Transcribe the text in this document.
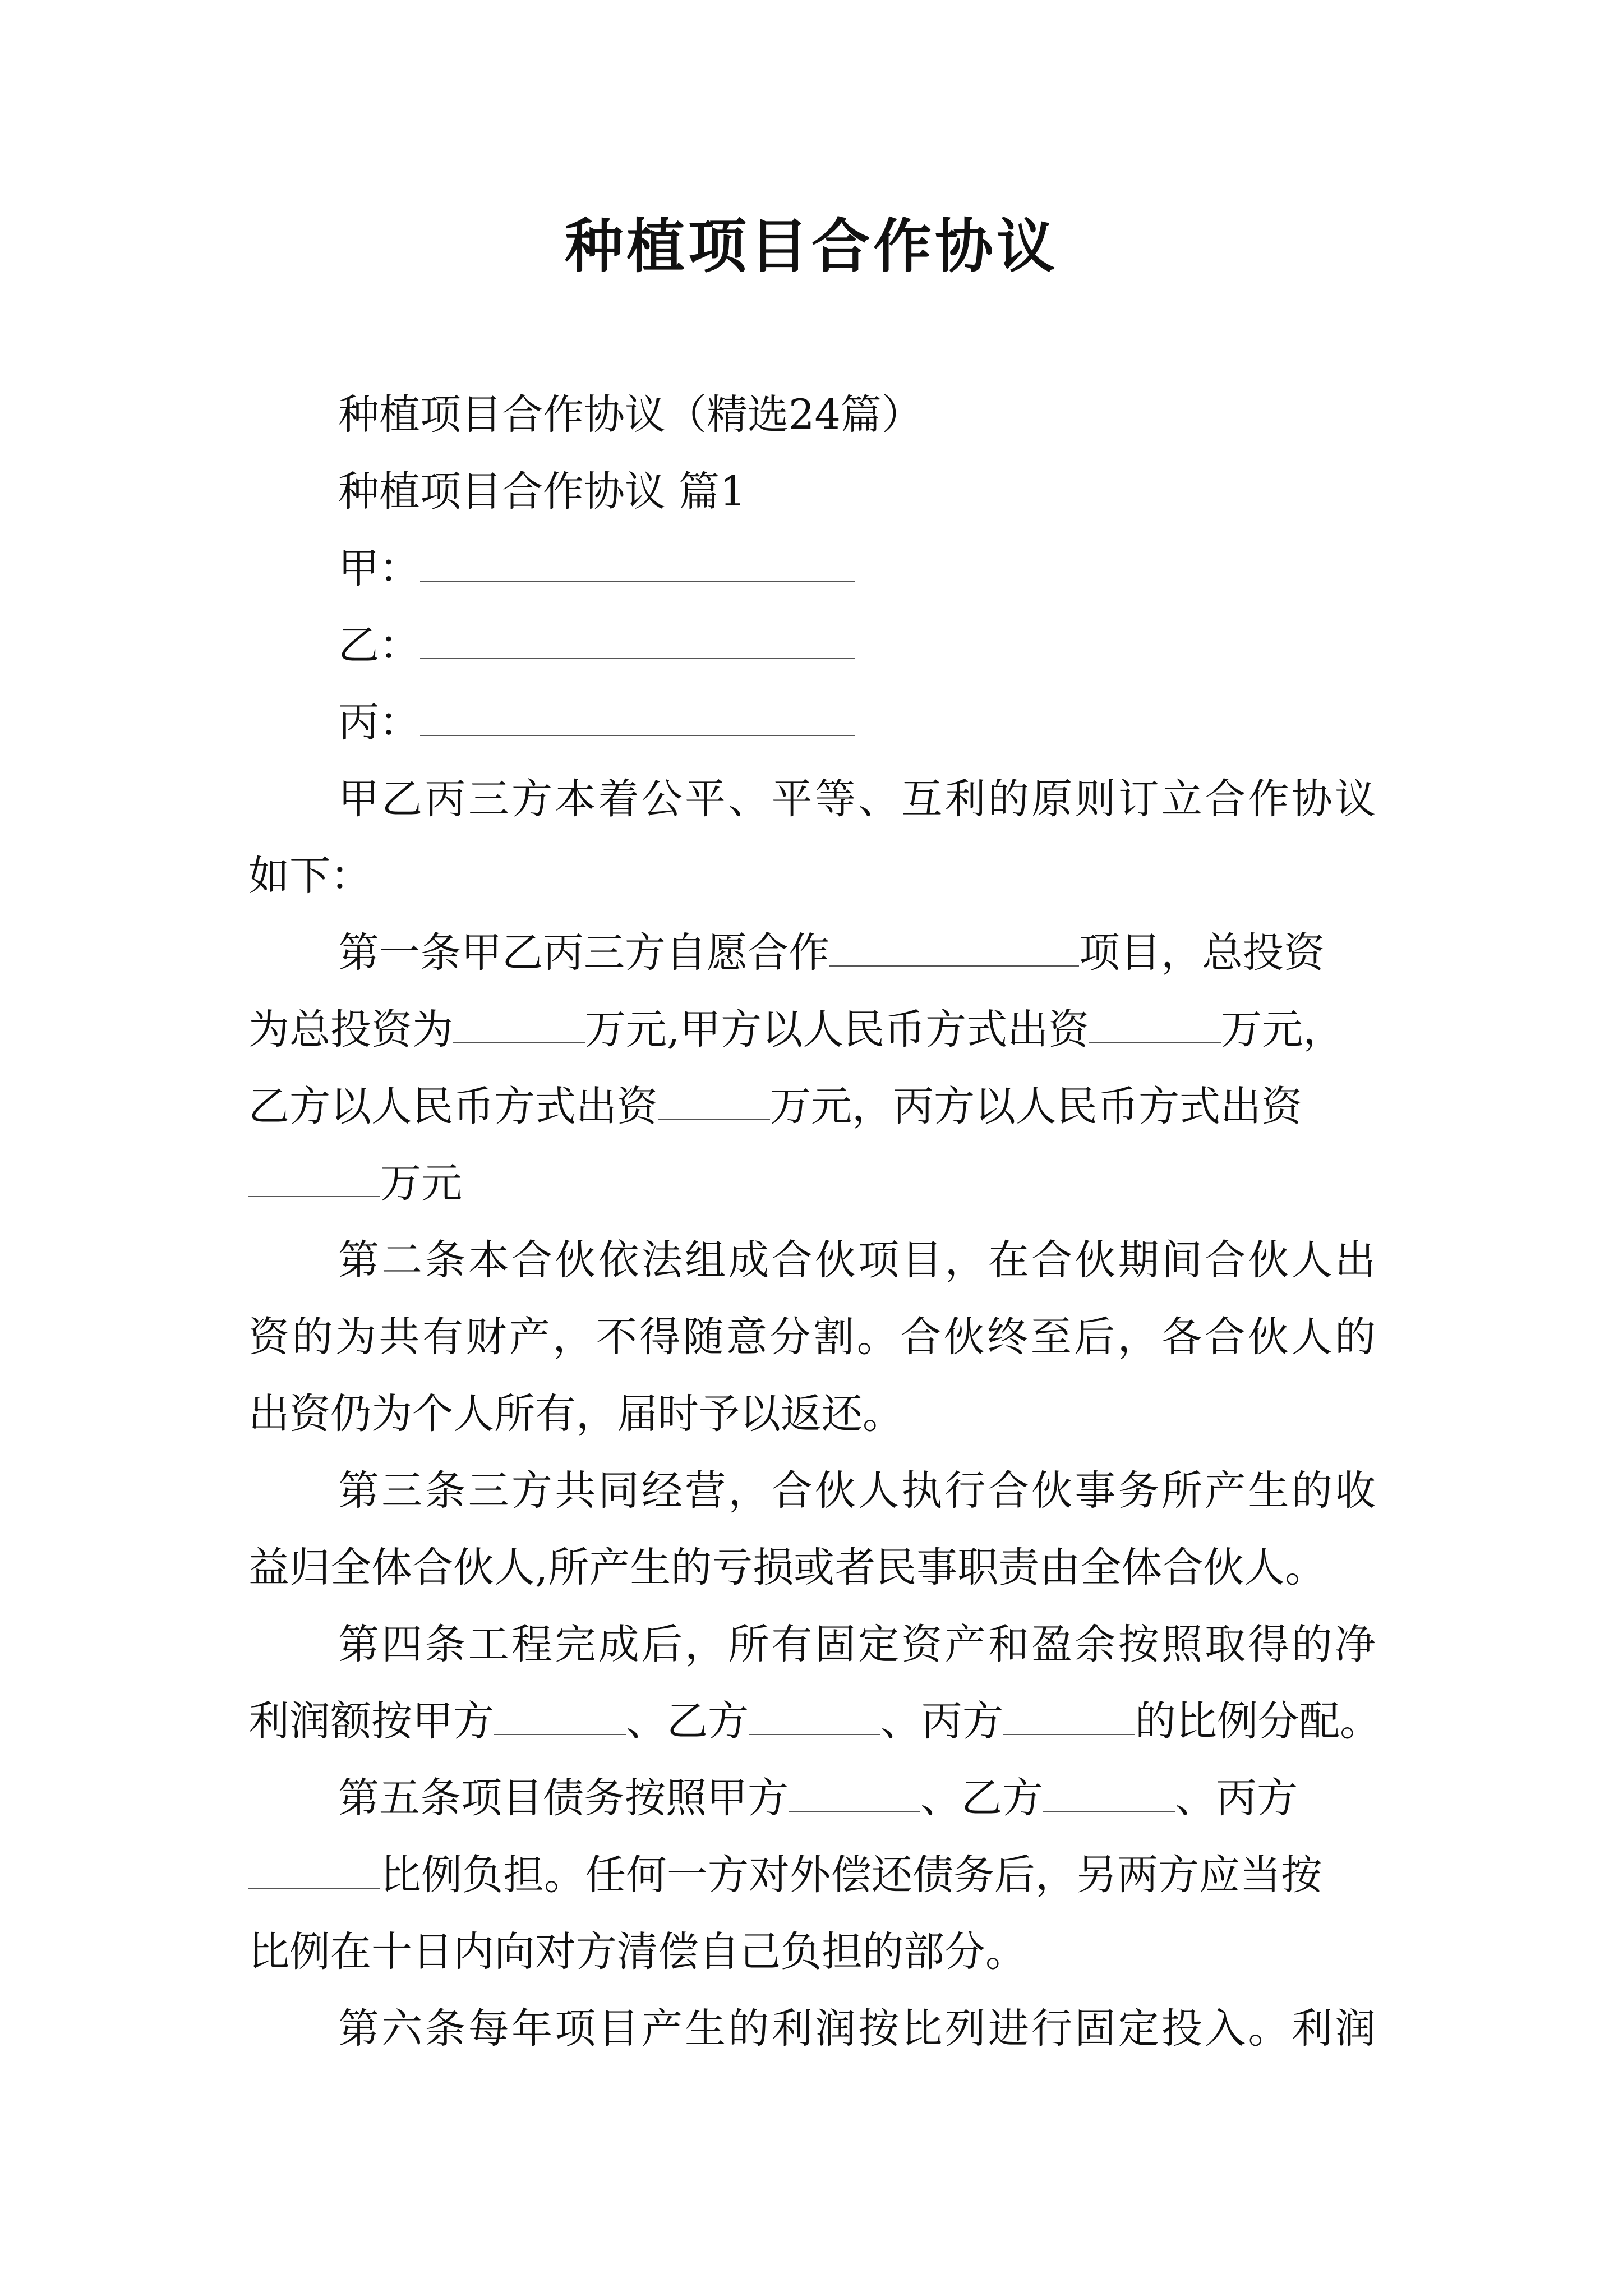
种植项目合作协议
种植项目合作协议（精选24篇）
种植项目合作协议 篇1
甲：
乙：
丙：
甲乙丙三方本着公平、平等、互利的原则订立合作协议
如下：
第一条甲乙丙三方自愿合作	项目，总投资
为总投资为	万元,甲方以人民币方式出资	万元，
乙方以人民币方式出资	万元，丙方以人民币方式出资
万元
第二条本合伙依法组成合伙项目，在合伙期间合伙人出
资的为共有财产，不得随意分割。合伙终至后，各合伙人的
出资仍为个人所有，届时予以返还。
第三条三方共同经营，合伙人执行合伙事务所产生的收
益归全体合伙人,所产生的亏损或者民事职责由全体合伙人。
第四条工程完成后，所有固定资产和盈余按照取得的净
利润额按甲方	、乙方	、丙方	的比例分配。
第五条项目债务按照甲方	、乙方	、丙方
比例负担。任何一方对外偿还债务后，另两方应当按
比例在十日内向对方清偿自己负担的部分。
第六条每年项目产生的利润按比列进行固定投入。利润
